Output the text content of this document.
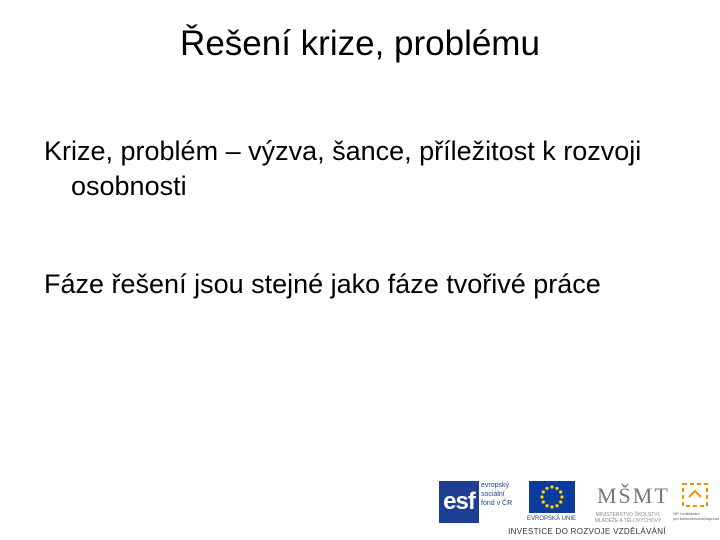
Řešení krize, problému
Krize, problém – výzva, šance, příležitost k rozvoji osobnosti
Fáze řešení jsou stejné jako fáze tvořivé práce
esf
evropský
sociální
fond v ČR
EVROPSKÁ UNIE
MŠMT
MINISTERSTVO ŠKOLSTVÍ,
MLÁDEŽE A TĚLOVÝCHOVY
OP Vzdělávání
pro konkurenceschopnost
INVESTICE DO ROZVOJE VZDĚLÁVÁNÍ
